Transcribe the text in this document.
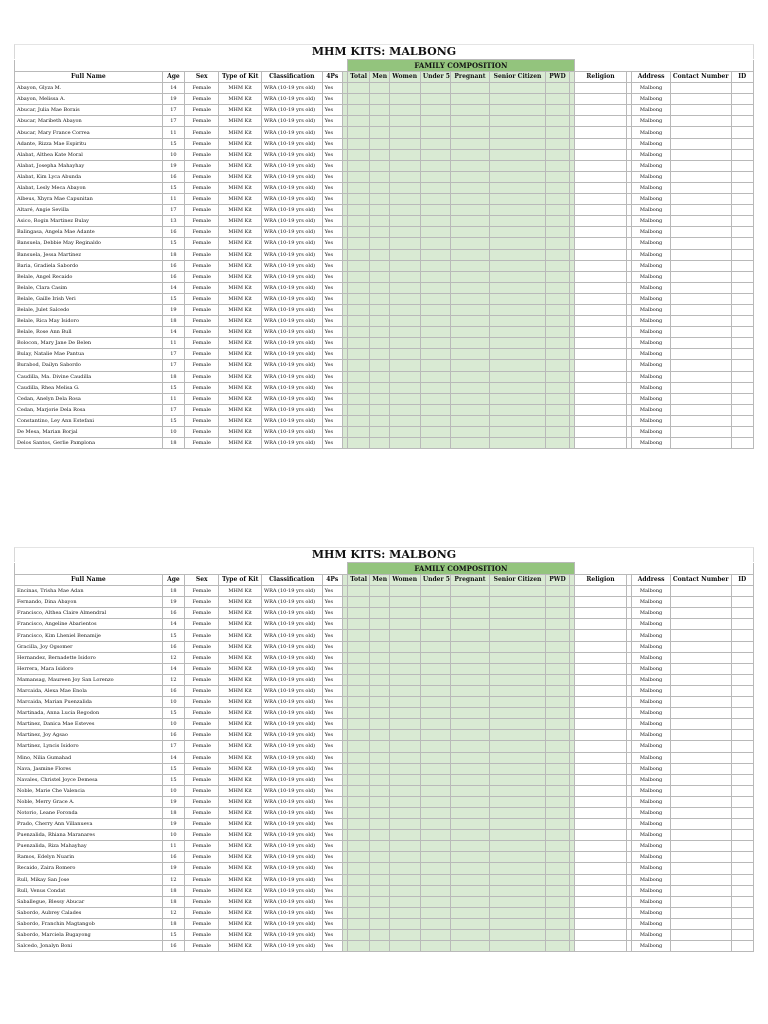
MHM KITS: MALBONG
							FAMILY COMPOSITION												
Full Name	Age	Sex	Type of Kit	Classification	4Ps		Total	Men	Women	Under 5	Pregnant	Senior Citizen	PWD		Religion		Address	Contact Number	ID
Abayon, Glyza M.	14	Female	MHM Kit	WRA (10-19 yrs old)	Yes												Malbong		
Abayon, Melissa A.	19	Female	MHM Kit	WRA (10-19 yrs old)	Yes												Malbong		
Abucar, Julia Mae Borais	17	Female	MHM Kit	WRA (10-19 yrs old)	Yes												Malbong		
Abucar, Maribeth Abayon	17	Female	MHM Kit	WRA (10-19 yrs old)	Yes												Malbong		
Abucar, Mary France Correa	11	Female	MHM Kit	WRA (10-19 yrs old)	Yes												Malbong		
Adante, Rizza Mae Espiritu	15	Female	MHM Kit	WRA (10-19 yrs old)	Yes												Malbong		
Alabat, Althea Kate Moral	10	Female	MHM Kit	WRA (10-19 yrs old)	Yes												Malbong		
Alabat, Josepha Mahayhay	19	Female	MHM Kit	WRA (10-19 yrs old)	Yes												Malbong		
Alabat, Kim Lyca Abunda	16	Female	MHM Kit	WRA (10-19 yrs old)	Yes												Malbong		
Alabat, Lesly Meca Abayon	15	Female	MHM Kit	WRA (10-19 yrs old)	Yes												Malbong		
Albeus, Xhyra Mae Capunitan	11	Female	MHM Kit	WRA (10-19 yrs old)	Yes												Malbong		
Altaré, Angie Sevilla	17	Female	MHM Kit	WRA (10-19 yrs old)	Yes												Malbong		
Asico, Rogin Martinez Bulay	13	Female	MHM Kit	WRA (10-19 yrs old)	Yes												Malbong		
Balingasa, Angela Mae Adante	16	Female	MHM Kit	WRA (10-19 yrs old)	Yes												Malbong		
Bansuela, Debbie May Reginaldo	15	Female	MHM Kit	WRA (10-19 yrs old)	Yes												Malbong		
Bansuela, Jessa Martinez	18	Female	MHM Kit	WRA (10-19 yrs old)	Yes												Malbong		
Baria, Gradiela Sabordo	16	Female	MHM Kit	WRA (10-19 yrs old)	Yes												Malbong		
Belale, Angel Recaido	16	Female	MHM Kit	WRA (10-19 yrs old)	Yes												Malbong		
Belale, Clara Casim	14	Female	MHM Kit	WRA (10-19 yrs old)	Yes												Malbong		
Belale, Gaille Irish Veri	15	Female	MHM Kit	WRA (10-19 yrs old)	Yes												Malbong		
Belale, Julet Salcedo	19	Female	MHM Kit	WRA (10-19 yrs old)	Yes												Malbong		
Belale, Rica May Isidoro	18	Female	MHM Kit	WRA (10-19 yrs old)	Yes												Malbong		
Belale, Rose Ann Bull	14	Female	MHM Kit	WRA (10-19 yrs old)	Yes												Malbong		
Bolocon, Mary Jane De Belen	11	Female	MHM Kit	WRA (10-19 yrs old)	Yes												Malbong		
Bulay, Natalie Mae Pantua	17	Female	MHM Kit	WRA (10-19 yrs old)	Yes												Malbong		
Burabod, Dailyn Sabordo	17	Female	MHM Kit	WRA (10-19 yrs old)	Yes												Malbong		
Caudilla, Ma. Divine Caudilla	18	Female	MHM Kit	WRA (10-19 yrs old)	Yes												Malbong		
Caudilla, Rhea Melisa G.	15	Female	MHM Kit	WRA (10-19 yrs old)	Yes												Malbong		
Cedan, Anelyn Dela Rosa	11	Female	MHM Kit	WRA (10-19 yrs old)	Yes												Malbong		
Cedan, Marjorie Dela Rosa	17	Female	MHM Kit	WRA (10-19 yrs old)	Yes												Malbong		
Constantino, Ley Ann Estefani	15	Female	MHM Kit	WRA (10-19 yrs old)	Yes												Malbong		
De Mesa, Marian Borjal	10	Female	MHM Kit	WRA (10-19 yrs old)	Yes												Malbong		
Delos Santos, Gerlie Pamplona	18	Female	MHM Kit	WRA (10-19 yrs old)	Yes												Malbong		
MHM KITS: MALBONG
							FAMILY COMPOSITION												
Full Name	Age	Sex	Type of Kit	Classification	4Ps		Total	Men	Women	Under 5	Pregnant	Senior Citizen	PWD		Religion		Address	Contact Number	ID
Encinas, Trisha Mae Adan	18	Female	MHM Kit	WRA (10-19 yrs old)	Yes												Malbong		
Fernando, Dina Abayon	19	Female	MHM Kit	WRA (10-19 yrs old)	Yes												Malbong		
Francisco, Althea Claire Almendral	16	Female	MHM Kit	WRA (10-19 yrs old)	Yes												Malbong		
Francisco, Angeline Abarientos	14	Female	MHM Kit	WRA (10-19 yrs old)	Yes												Malbong		
Francisco, Kim Lheniel Benamije	15	Female	MHM Kit	WRA (10-19 yrs old)	Yes												Malbong		
Gracilla, Joy Ogsomer	16	Female	MHM Kit	WRA (10-19 yrs old)	Yes												Malbong		
Hernandez, Bernadette Isidoro	12	Female	MHM Kit	WRA (10-19 yrs old)	Yes												Malbong		
Herrera, Mara Isidoro	14	Female	MHM Kit	WRA (10-19 yrs old)	Yes												Malbong		
Mamansag, Maureen Joy San Lorenzo	12	Female	MHM Kit	WRA (10-19 yrs old)	Yes												Malbong		
Marcaida, Alexa Mae Enola	16	Female	MHM Kit	WRA (10-19 yrs old)	Yes												Malbong		
Marcaida, Marian Puenzalida	10	Female	MHM Kit	WRA (10-19 yrs old)	Yes												Malbong		
Martinada, Anna Lucia Regodon	15	Female	MHM Kit	WRA (10-19 yrs old)	Yes												Malbong		
Martinez, Danica Mae Esteves	10	Female	MHM Kit	WRA (10-19 yrs old)	Yes												Malbong		
Martinez, Joy Agsao	16	Female	MHM Kit	WRA (10-19 yrs old)	Yes												Malbong		
Martinez, Lyncis Isidoro	17	Female	MHM Kit	WRA (10-19 yrs old)	Yes												Malbong		
Mino, Nilia Gumahad	14	Female	MHM Kit	WRA (10-19 yrs old)	Yes												Malbong		
Nava, Jasmine Flores	15	Female	MHM Kit	WRA (10-19 yrs old)	Yes												Malbong		
Navales, Christel Joyce Demesa	15	Female	MHM Kit	WRA (10-19 yrs old)	Yes												Malbong		
Noble, Marie Che Valencia	10	Female	MHM Kit	WRA (10-19 yrs old)	Yes												Malbong		
Noble, Merry Grace A.	19	Female	MHM Kit	WRA (10-19 yrs old)	Yes												Malbong		
Notorio, Leane Foronda	18	Female	MHM Kit	WRA (10-19 yrs old)	Yes												Malbong		
Prado, Cherry Ann Villanueva	19	Female	MHM Kit	WRA (10-19 yrs old)	Yes												Malbong		
Puenzalida, Rhiana Maranares	10	Female	MHM Kit	WRA (10-19 yrs old)	Yes												Malbong		
Puenzalida, Riza Mahayhay	11	Female	MHM Kit	WRA (10-19 yrs old)	Yes												Malbong		
Ramos, Edelyn Nuarin	16	Female	MHM Kit	WRA (10-19 yrs old)	Yes												Malbong		
Recaido, Zaira Romero	19	Female	MHM Kit	WRA (10-19 yrs old)	Yes												Malbong		
Rull, Mikay San Jose	12	Female	MHM Kit	WRA (10-19 yrs old)	Yes												Malbong		
Rull, Venus Condat	18	Female	MHM Kit	WRA (10-19 yrs old)	Yes												Malbong		
Saballegue, Blessy Abucar	18	Female	MHM Kit	WRA (10-19 yrs old)	Yes												Malbong		
Sabordo, Aubrey Calades	12	Female	MHM Kit	WRA (10-19 yrs old)	Yes												Malbong		
Sabordo, Franchin Magtangob	18	Female	MHM Kit	WRA (10-19 yrs old)	Yes												Malbong		
Sabordo, Marciela Bugayong	15	Female	MHM Kit	WRA (10-19 yrs old)	Yes												Malbong		
Salcedo, Jonalyn Boni	16	Female	MHM Kit	WRA (10-19 yrs old)	Yes												Malbong		
